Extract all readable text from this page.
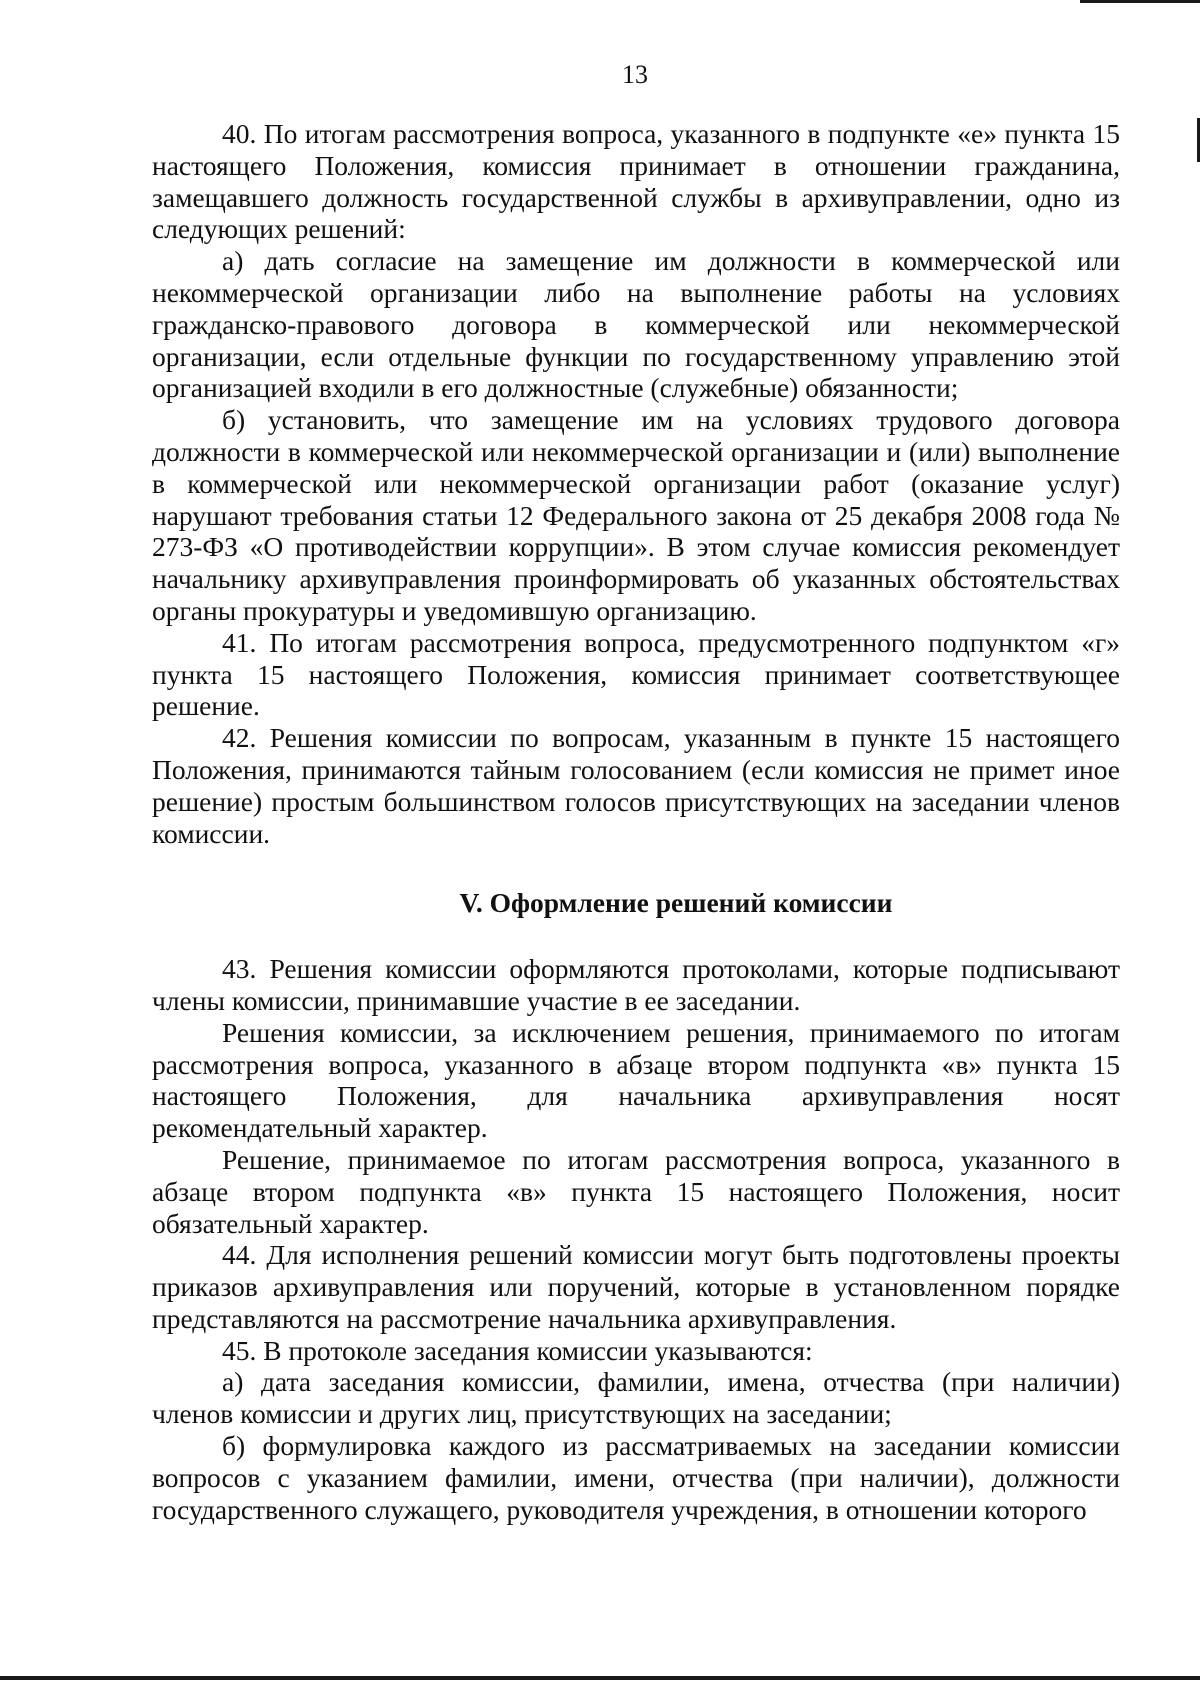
13

40. По итогам рассмотрения вопроса, указанного в подпункте «е» пункта 15 настоящего Положения, комиссия принимает в отношении гражданина, замещавшего должность государственной службы в архивуправлении, одно из следующих решений:

а) дать согласие на замещение им должности в коммерческой или некоммерческой организации либо на выполнение работы на условиях гражданско-правового договора в коммерческой или некоммерческой организации, если отдельные функции по государственному управлению этой организацией входили в его должностные (служебные) обязанности;

б) установить, что замещение им на условиях трудового договора должности в коммерческой или некоммерческой организации и (или) выполнение в коммерческой или некоммерческой организации работ (оказание услуг) нарушают требования статьи 12 Федерального закона от 25 декабря 2008 года № 273-ФЗ «О противодействии коррупции». В этом случае комиссия рекомендует начальнику архивуправления проинформировать об указанных обстоятельствах органы прокуратуры и уведомившую организацию.

41. По итогам рассмотрения вопроса, предусмотренного подпунктом «г» пункта 15 настоящего Положения, комиссия принимает соответствующее решение.

42. Решения комиссии по вопросам, указанным в пункте 15 настоящего Положения, принимаются тайным голосованием (если комиссия не примет иное решение) простым большинством голосов присутствующих на заседании членов комиссии.

V. Оформление решений комиссии

43. Решения комиссии оформляются протоколами, которые подписывают члены комиссии, принимавшие участие в ее заседании.

Решения комиссии, за исключением решения, принимаемого по итогам рассмотрения вопроса, указанного в абзаце втором подпункта «в» пункта 15 настоящего Положения, для начальника архивуправления носят рекомендательный характер.

Решение, принимаемое по итогам рассмотрения вопроса, указанного в абзаце втором подпункта «в» пункта 15 настоящего Положения, носит обязательный характер.

44. Для исполнения решений комиссии могут быть подготовлены проекты приказов архивуправления или поручений, которые в установленном порядке представляются на рассмотрение начальника архивуправления.

45. В протоколе заседания комиссии указываются:

а) дата заседания комиссии, фамилии, имена, отчества (при наличии) членов комиссии и других лиц, присутствующих на заседании;

б) формулировка каждого из рассматриваемых на заседании комиссии вопросов с указанием фамилии, имени, отчества (при наличии), должности государственного служащего, руководителя учреждения, в отношении которого
